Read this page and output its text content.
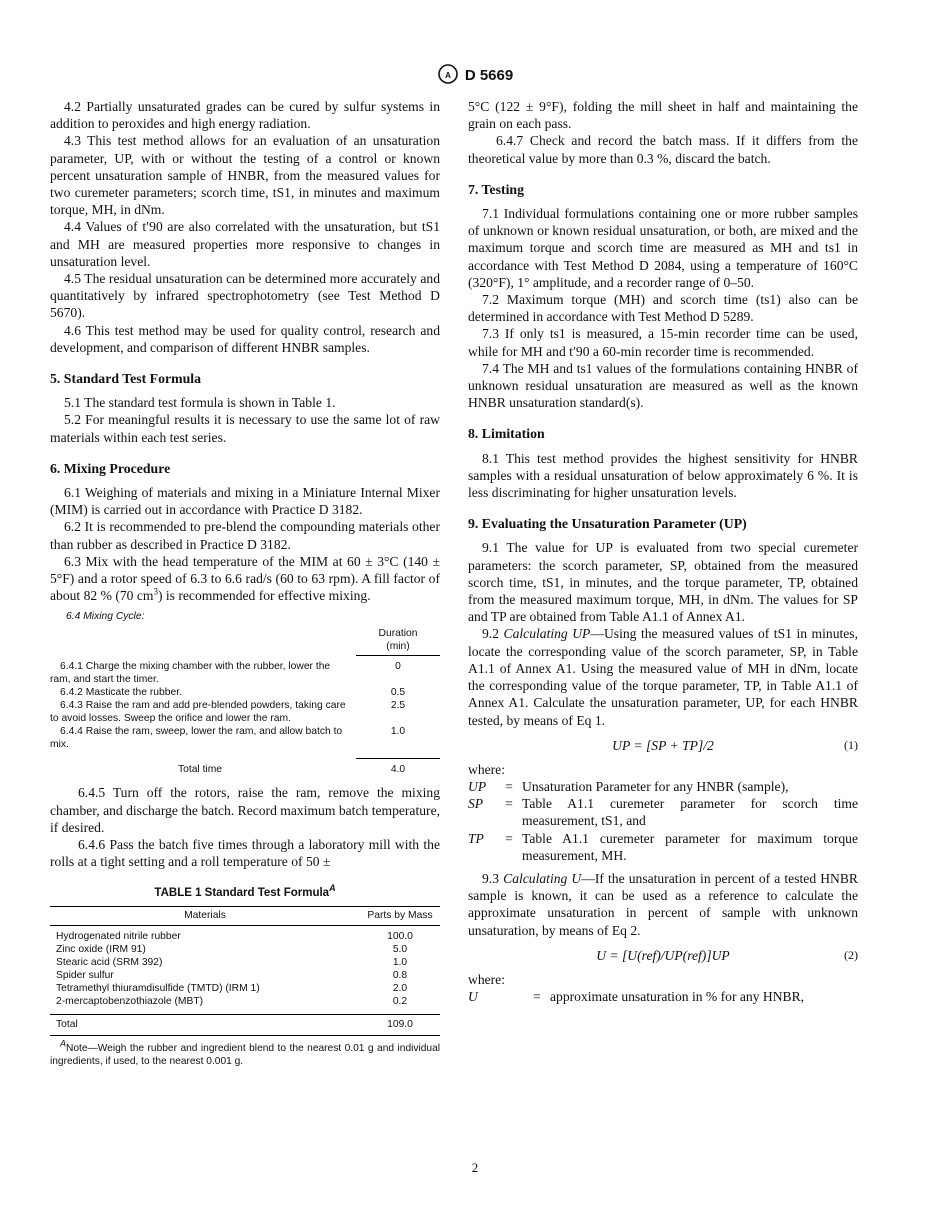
A D 5669

4.2 Partially unsaturated grades can be cured by sulfur systems in addition to peroxides and high energy radiation.

4.3 This test method allows for an evaluation of an unsaturation parameter, UP, with or without the testing of a control or known percent unsaturation sample of HNBR, from the measured values for two curemeter parameters; scorch time, tS1, in minutes and maximum torque, MH, in dNm.

4.4 Values of t′90 are also correlated with the unsaturation, but tS1 and MH are measured properties more responsive to changes in unsaturation level.

4.5 The residual unsaturation can be determined more accurately and quantitatively by infrared spectrophotometry (see Test Method D 5670).

4.6 This test method may be used for quality control, research and development, and comparison of different HNBR samples.

5. Standard Test Formula

5.1 The standard test formula is shown in Table 1.

5.2 For meaningful results it is necessary to use the same lot of raw materials within each test series.

6. Mixing Procedure

6.1 Weighing of materials and mixing in a Miniature Internal Mixer (MIM) is carried out in accordance with Practice D 3182.

6.2 It is recommended to pre-blend the compounding materials other than rubber as described in Practice D 3182.

6.3 Mix with the head temperature of the MIM at 60 ± 3°C (140 ± 5°F) and a rotor speed of 6.3 to 6.6 rad/s (60 to 63 rpm). A fill factor of about 82 % (70 $cm^3$) is recommended for effective mixing.

6.4 Mixing Cycle:
	Duration
(min)
6.4.1 Charge the mixing chamber with the rubber, lower the ram, and start the timer.	0
6.4.2 Masticate the rubber.	0.5
6.4.3 Raise the ram and add pre-blended powders, taking care to avoid losses. Sweep the orifice and lower the ram.	2.5
6.4.4 Raise the ram, sweep, lower the ram, and allow batch to mix.	1.0
Total time	4.0

6.4.5 Turn off the rotors, raise the ram, remove the mixing chamber, and discharge the batch. Record maximum batch temperature, if desired.

6.4.6 Pass the batch five times through a laboratory mill with the rolls at a tight setting and a roll temperature of 50 ±

TABLE 1 Standard Test Formula$^A$
Materials	Parts by Mass
Hydrogenated nitrile rubber	100.0
Zinc oxide (IRM 91)	5.0
Stearic acid (SRM 392)	1.0
Spider sulfur	0.8
Tetramethyl thiuramdisulfide (TMTD) (IRM 1)	2.0
2-mercaptobenzothiazole (MBT)	0.2
Total	109.0
$^A$Note—Weigh the rubber and ingredient blend to the nearest 0.01 g and individual ingredients, if used, to the nearest 0.001 g.

5°C (122 ± 9°F), folding the mill sheet in half and maintaining the grain on each pass.

6.4.7 Check and record the batch mass. If it differs from the theoretical value by more than 0.3 %, discard the batch.

7. Testing

7.1 Individual formulations containing one or more rubber samples of unknown or known residual unsaturation, or both, are mixed and the maximum torque and scorch time are measured as MH and ts1 in accordance with Test Method D 2084, using a temperature of 160°C (320°F), 1° amplitude, and a recorder range of 0–50.

7.2 Maximum torque (MH) and scorch time (ts1) also can be determined in accordance with Test Method D 5289.

7.3 If only ts1 is measured, a 15-min recorder time can be used, while for MH and t′90 a 60-min recorder time is recommended.

7.4 The MH and ts1 values of the formulations containing HNBR of unknown residual unsaturation are measured as well as the known HNBR unsaturation standard(s).

8. Limitation

8.1 This test method provides the highest sensitivity for HNBR samples with a residual unsaturation of below approximately 6 %. It is less discriminating for higher unsaturation levels.

9. Evaluating the Unsaturation Parameter (UP)

9.1 The value for UP is evaluated from two special curemeter parameters: the scorch parameter, SP, obtained from the measured scorch time, tS1, in minutes, and the torque parameter, TP, obtained from the measured maximum torque, MH, in dNm. The values for SP and TP are obtained from Table A1.1 of Annex A1.

9.2 Calculating UP—Using the measured values of tS1 in minutes, locate the corresponding value of the scorch parameter, SP, in Table A1.1 of Annex A1. Using the measured value of MH in dNm, locate the corresponding value of the torque parameter, TP, in Table A1.1 of Annex A1. Calculate the unsaturation parameter, UP, for each HNBR tested, by means of Eq 1.

UP = [SP + TP]/2	(1)
where:
UP	= Unsaturation Parameter for any HNBR (sample),
SP	= Table A1.1 curemeter parameter for scorch time measurement, tS1, and
TP	= Table A1.1 curemeter parameter for maximum torque measurement, MH.

9.3 Calculating U—If the unsaturation in percent of a tested HNBR sample is known, it can be used as a reference to calculate the approximate unsaturation in percent of sample with unknown unsaturation, by means of Eq 2.

U = [U(ref)/UP(ref)]UP	(2)
where:
U	= approximate unsaturation in % for any HNBR,
2
